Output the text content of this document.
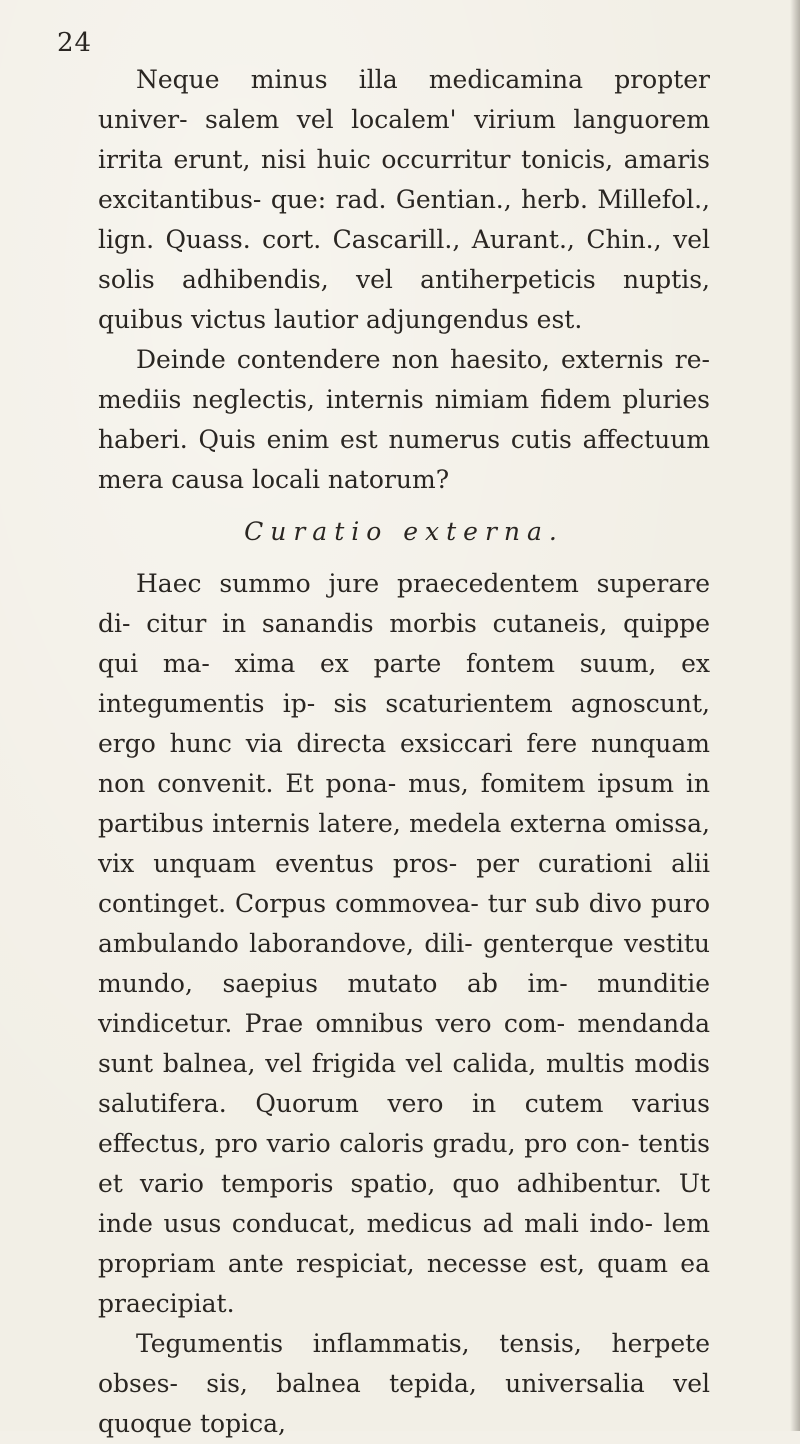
24

Neque minus illa medicamina propter univer- salem vel localem' virium languorem irrita erunt, nisi huic occurritur tonicis, amaris excitantibus- que: rad. Gentian., herb. Millefol., lign. Quass. cort. Cascarill., Aurant., Chin., vel solis adhibendis, vel antiherpeticis nuptis, quibus victus lautior adjungendus est.

Deinde contendere non haesito, externis re- mediis neglectis, internis nimiam fidem pluries haberi. Quis enim est numerus cutis affectuum mera causa locali natorum?

Curatio externa.

Haec summo jure praecedentem superare di- citur in sanandis morbis cutaneis, quippe qui ma- xima ex parte fontem suum, ex integumentis ip- sis scaturientem agnoscunt, ergo hunc via directa exsiccari fere nunquam non convenit. Et pona- mus, fomitem ipsum in partibus internis latere, medela externa omissa, vix unquam eventus pros- per curationi alii continget. Corpus commovea- tur sub divo puro ambulando laborandove, dili- genterque vestitu mundo, saepius mutato ab im- munditie vindicetur. Prae omnibus vero com- mendanda sunt balnea, vel frigida vel calida, multis modis salutifera. Quorum vero in cutem varius effectus, pro vario caloris gradu, pro con- tentis et vario temporis spatio, quo adhibentur. Ut inde usus conducat, medicus ad mali indo- lem propriam ante respiciat, necesse est, quam ea praecipiat.

Tegumentis inflammatis, tensis, herpete obses- sis, balnea tepida, universalia vel quoque topica,
